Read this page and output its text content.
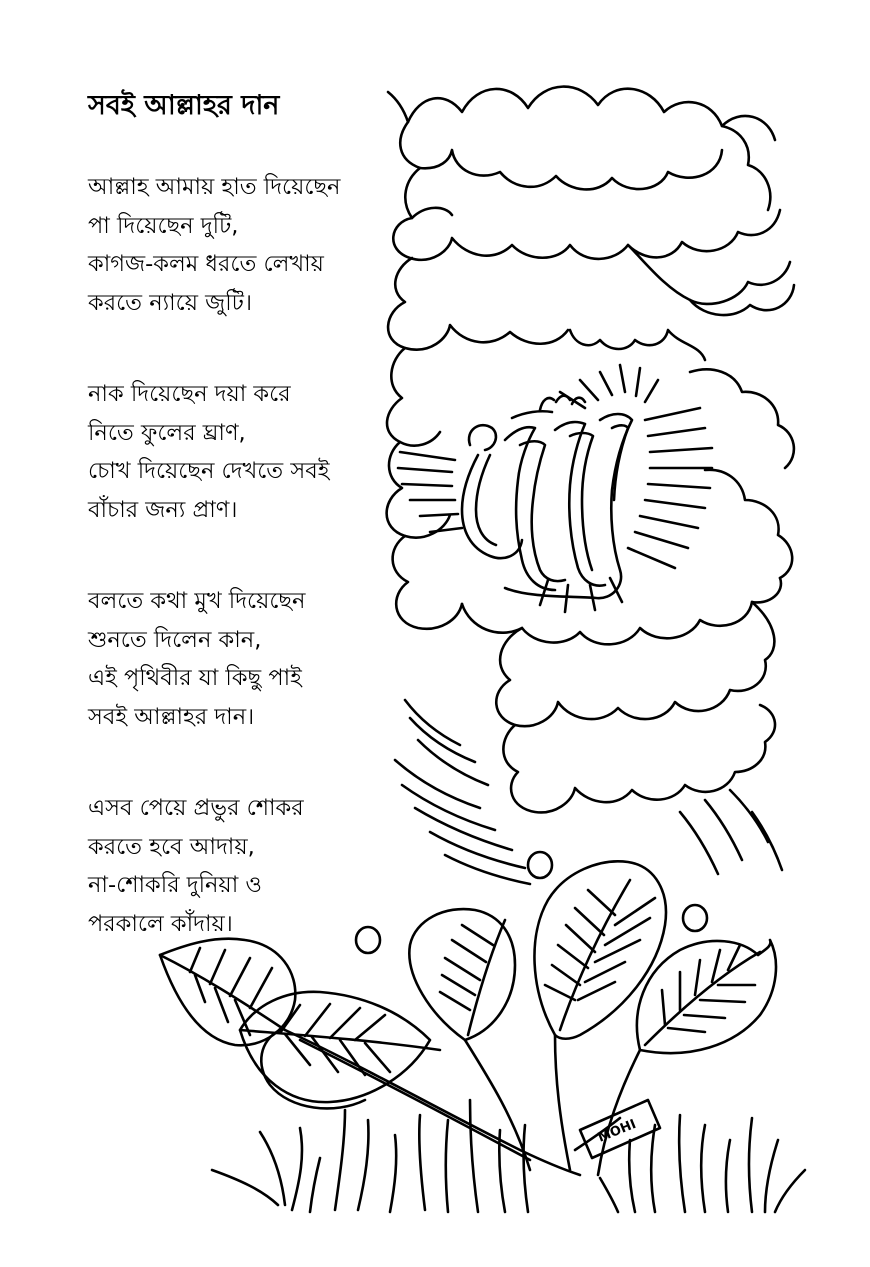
সবই আল্লাহর দান
আল্লাহ আমায় হাত দিয়েছেন
পা দিয়েছেন দুটি,
কাগজ-কলম ধরতে লেখায়
করতে ন্যায়ে জুটি।
নাক দিয়েছেন দয়া করে
নিতে ফুলের ঘ্রাণ,
চোখ দিয়েছেন দেখতে সবই
বাঁচার জন্য প্রাণ।
বলতে কথা মুখ দিয়েছেন
শুনতে দিলেন কান,
এই পৃথিবীর যা কিছু পাই
সবই আল্লাহর দান।
এসব পেয়ে প্রভুর শোকর
করতে হবে আদায়,
না-শোকরি দুনিয়া ও
পরকালে কাঁদায়।
MOHI
